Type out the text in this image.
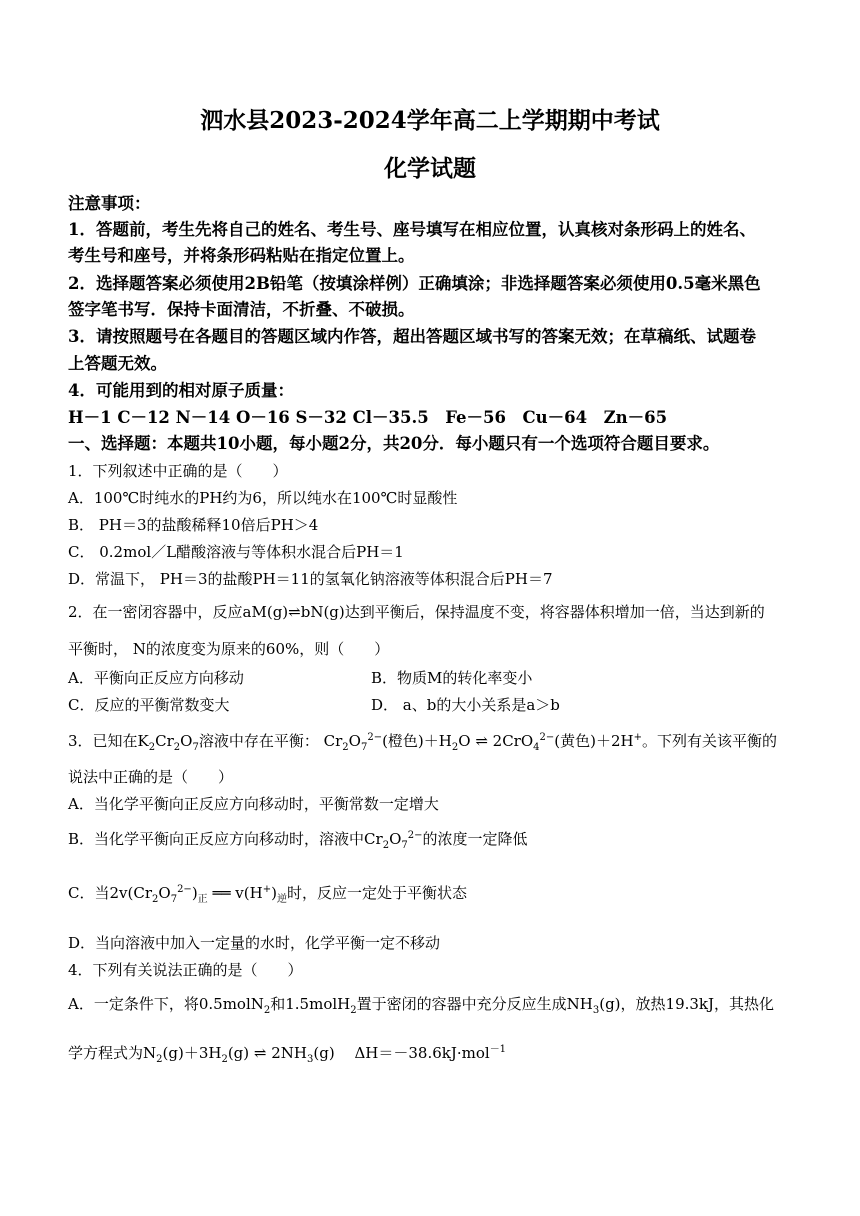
泗水县2023-2024学年高二上学期期中考试
化学试题
注意事项：
1．答题前，考生先将自己的姓名、考生号、座号填写在相应位置，认真核对条形码上的姓名、
考生号和座号，并将条形码粘贴在指定位置上。
2．选择题答案必须使用2B铅笔（按填涂样例）正确填涂；非选择题答案必须使用0.5毫米黑色
签字笔书写．保持卡面清洁，不折叠、不破损。
3．请按照题号在各题目的答题区域内作答，超出答题区域书写的答案无效；在草稿纸、试题卷
上答题无效。
4．可能用到的相对原子质量：
H－1 C－12 N－14 O－16 S－32 Cl－35.5　Fe－56　Cu－64　Zn－65
一、选择题：本题共10小题，每小题2分，共20分．每小题只有一个选项符合题目要求。
1．下列叙述中正确的是（　　）
A．100℃时纯水的PH约为6，所以纯水在100℃时显酸性
B． PH＝3的盐酸稀释10倍后PH＞4
C． 0.2mol／L醋酸溶液与等体积水混合后PH＝1
D．常温下， PH＝3的盐酸PH＝11的氢氧化钠溶液等体积混合后PH＝7
2．在一密闭容器中，反应aM(g)⇌bN(g)达到平衡后，保持温度不变，将容器体积增加一倍，当达到新的
平衡时， N的浓度变为原来的60%，则（　　）
A．平衡向正反应方向移动	B．物质M的转化率变小
C．反应的平衡常数变大	D． a、b的大小关系是a＞b
3．已知在$K_2Cr_2O_7$溶液中存在平衡： $Cr_2O_7^{2-}$(橙色)$+H_2O$ ⇌ 2CrO$_4^{2-}$(黄色)＋2H+。下列有关该平衡的
说法中正确的是（　　）
A．当化学平衡向正反应方向移动时，平衡常数一定增大
B．当化学平衡向正反应方向移动时，溶液中$Cr_2O_7^{2-}$的浓度一定降低
C．当$2v(Cr_2O_7^{2-})_正$ ══ $v(H^+)_逆$时，反应一定处于平衡状态
D．当向溶液中加入一定量的水时，化学平衡一定不移动
4．下列有关说法正确的是（　　）
A．一定条件下，将0.5molN$_2$和1.5molH$_2$置于密闭的容器中充分反应生成$NH_3(g)$，放热19.3kJ，其热化
学方程式为$N_2(g)+3H_2(g)$ ⇌ $2NH_3(g)$　 ΔH＝－38.6kJ·mol$^{-1}$
